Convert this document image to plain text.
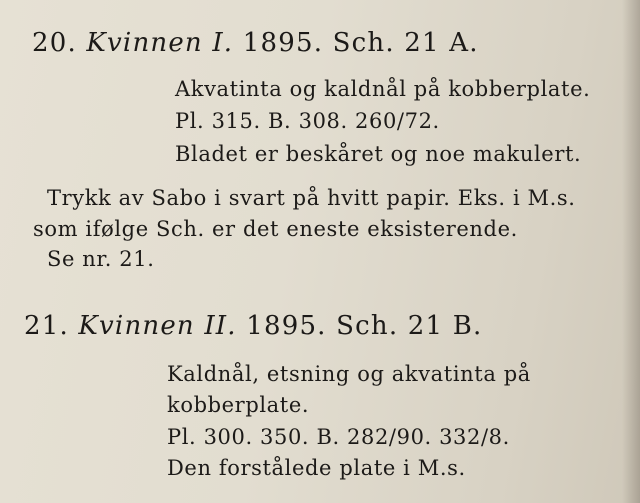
20. Kvinnen I. 1895. Sch. 21 A.
Akvatinta og kaldnål på kobberplate.
Pl. 315. B. 308. 260/72.
Bladet er beskåret og noe makulert.
Trykk av Sabo i svart på hvitt papir. Eks. i M.s.
som ifølge Sch. er det eneste eksisterende.
Se nr. 21.
21. Kvinnen II. 1895. Sch. 21 B.
Kaldnål, etsning og akvatinta på
kobberplate.
Pl. 300. 350. B. 282/90. 332/8.
Den forstålede plate i M.s.
